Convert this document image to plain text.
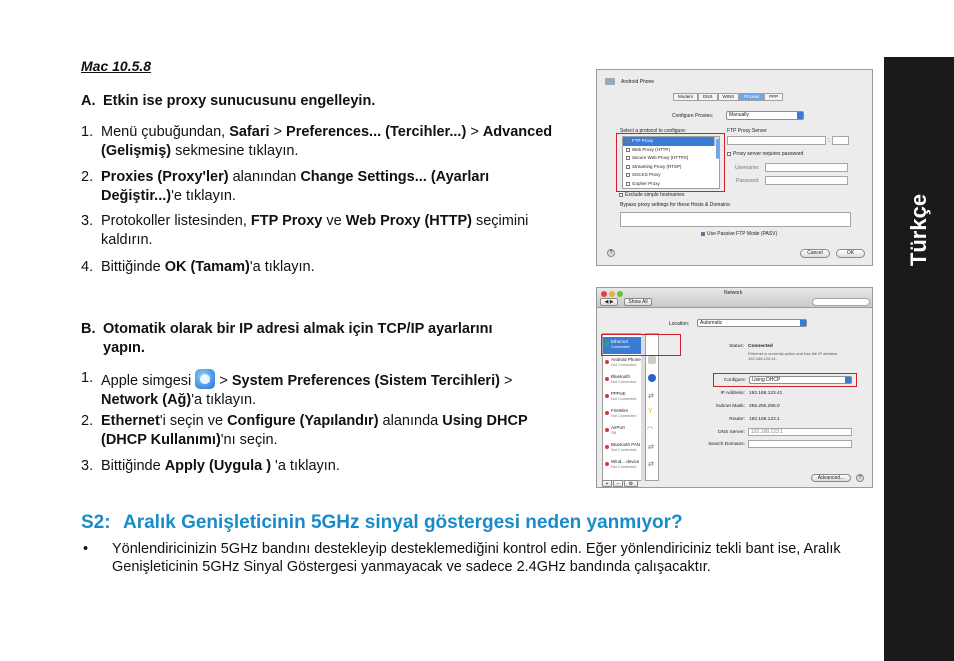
Mac 10.5.8
A. Etkin ise proxy sunucusunu engelleyin.
1. Menü çubuğundan, Safari > Preferences... (Tercihler...) > Advanced (Gelişmiş) sekmesine tıklayın.
2. Proxies (Proxy'ler) alanından Change Settings... (Ayarları Değiştir...)'e tıklayın.
3. Protokoller listesinden, FTP Proxy ve Web Proxy (HTTP) seçimini kaldırın.
4. Bittiğinde OK (Tamam)'a tıklayın.
B. Otomatik olarak bir IP adresi almak için TCP/IP ayarlarını
yapın.
1. Apple simgesi  > System Preferences (Sistem Tercihleri) > Network (Ağ)'a tıklayın.
2. Ethernet'i seçin ve Configure (Yapılandır) alanında Using DHCP (DHCP Kullanımı)'nı seçin.
3. Bittiğinde Apply (Uygula ) 'a tıklayın.
Türkçe
S2: Aralık Genişleticinin 5GHz sinyal göstergesi neden yanmıyor?
• Yönlendiricinizin 5GHz bandını destekleyip desteklemediğini kontrol edin. Eğer yönlendiriciniz tekli bant ise, Aralık Genişleticinin 5GHz Sinyal Göstergesi yanmayacak ve sadece 2.4GHz bandında çalışacaktır.
Android Phone
Modem	DNS	WINS	Proxies	PPP
Configure Proxies:	Manually
Select a protocol to configure:
FTP Proxy
Web Proxy (HTTP)
Secure Web Proxy (HTTPS)
Streaming Proxy (RTSP)
SOCKS Proxy
Gopher Proxy
FTP Proxy Server
:
Proxy server requires password
Username:
Password:
Exclude simple hostnames
Bypass proxy settings for these Hosts & Domains:
Use Passive FTP Mode (PASV)
?	Cancel	OK
Network
◀ ▶	Show All
Location:	Automatic
Ethernet
Connected
Android Phone
Not Connected
Bluetooth
Not Connected
PPPoE
Not Connected
FireWire
Not Connected
AirPort
Off
Bluetooth PAN
Not Connected
Wind... device
Not Connected
⇄
Y
◠
⇄
⇄
+	−	⚙
Status: Connected
Ethernet is currently active and has the IP address 192.168.123.41.
Configure:	Using DHCP
IP Address: 192.168.123.41
Subnet Mask: 255.255.255.0
Router: 192.168.123.1
DNS Server:	192.168.123.1
Search Domains:
Advanced...	?
